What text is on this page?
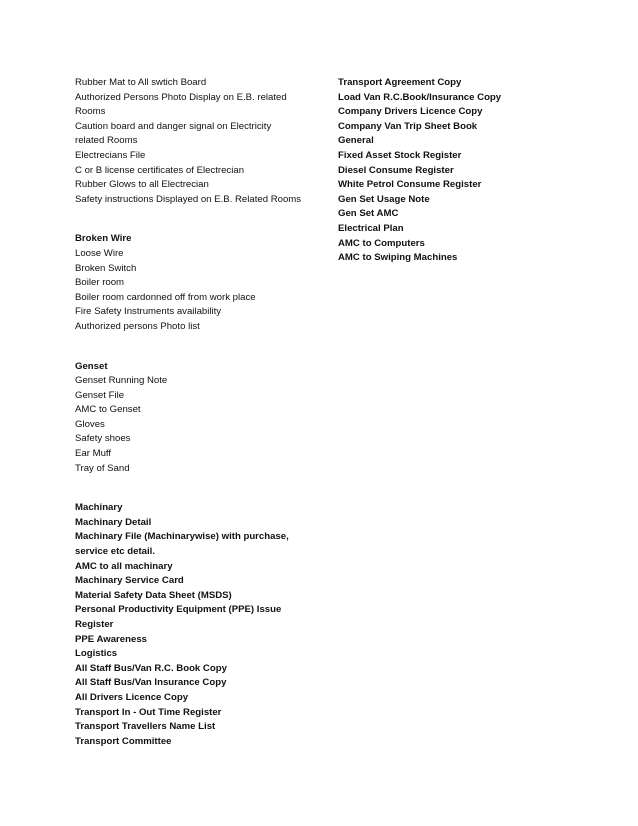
Rubber Mat to All swtich Board
Authorized Persons Photo Display on E.B. related
Rooms
Caution board and danger signal on Electricity
related Rooms
Electrecians File
C or B license certificates of Electrecian
Rubber Glows to all Electrecian
Safety instructions Displayed on E.B. Related Rooms
Broken Wire
Loose Wire
Broken Switch
Boiler room
Boiler room cardonned off from work place
Fire Safety Instruments availability
Authorized persons Photo list
Genset
Genset Running Note
Genset File
AMC to Genset
Gloves
Safety shoes
Ear Muff
Tray of Sand
Machinary
Machinary Detail
Machinary File (Machinarywise) with purchase,
service etc detail.
AMC to all machinary
Machinary Service Card
Material Safety Data Sheet (MSDS)
Personal Productivity Equipment (PPE) Issue
Register
PPE Awareness
Logistics
All Staff Bus/Van R.C. Book Copy
All Staff Bus/Van Insurance Copy
All Drivers Licence Copy
Transport In - Out Time Register
Transport Travellers Name List
Transport Committee
Transport Agreement Copy
Load Van R.C.Book/Insurance Copy
Company Drivers Licence Copy
Company Van Trip Sheet Book
General
Fixed Asset Stock Register
Diesel Consume Register
White Petrol Consume Register
Gen Set Usage Note
Gen Set AMC
Electrical Plan
AMC to Computers
AMC to Swiping Machines
